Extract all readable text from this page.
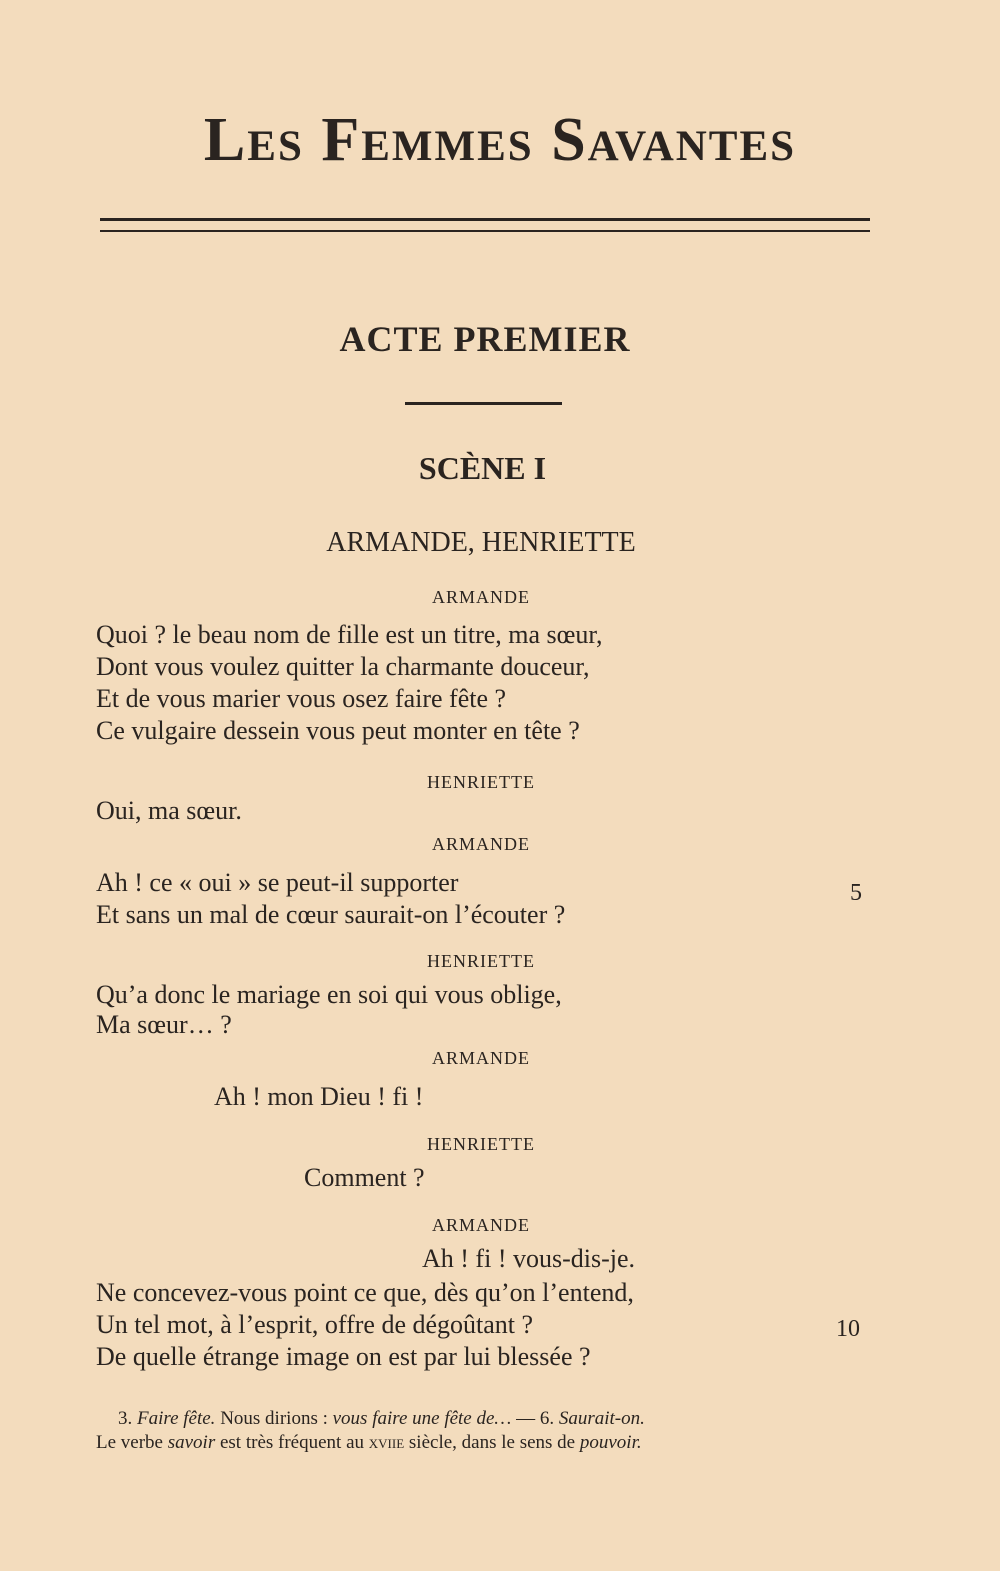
Les Femmes Savantes
ACTE PREMIER
SCÈNE I
ARMANDE, HENRIETTE
ARMANDE
Quoi ? le beau nom de fille est un titre, ma sœur,
Dont vous voulez quitter la charmante douceur,
Et de vous marier vous osez faire fête ?
Ce vulgaire dessein vous peut monter en tête ?
HENRIETTE
Oui, ma sœur.
ARMANDE
Ah ! ce « oui » se peut-il supporter	5
Et sans un mal de cœur saurait-on l’écouter ?
HENRIETTE
Qu’a donc le mariage en soi qui vous oblige,
Ma sœur… ?
ARMANDE
Ah ! mon Dieu ! fi !
HENRIETTE
Comment ?
ARMANDE
Ah ! fi ! vous-dis-je.
Ne concevez-vous point ce que, dès qu’on l’entend,
Un tel mot, à l’esprit, offre de dégoûtant ?	10
De quelle étrange image on est par lui blessée ?
3. Faire fête. Nous dirions : vous faire une fête de… — 6. Saurait-on.
Le verbe savoir est très fréquent au xviie siècle, dans le sens de pouvoir.
